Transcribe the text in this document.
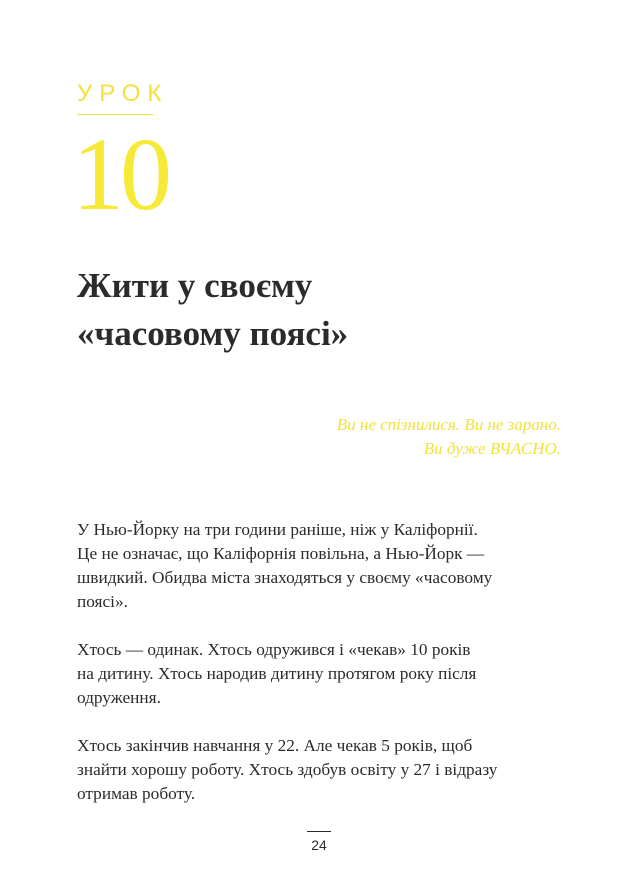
УРОК
10
Жити у своєму
«часовому поясі»
Ви не спізнилися. Ви не зарано.
Ви дуже ВЧАСНО.

У Нью-Йорку на три години раніше, ніж у Каліфорнії.
Це не означає, що Каліфорнія повільна, а Нью-Йорк —
швидкий. Обидва міста знаходяться у своєму «часовому
поясі».

Хтось — одинак. Хтось одружився і «чекав» 10 років
на дитину. Хтось народив дитину протягом року після
одруження.

Хтось закінчив навчання у 22. Але чекав 5 років, щоб
знайти хорошу роботу. Хтось здобув освіту у 27 і відразу
отримав роботу.

24
